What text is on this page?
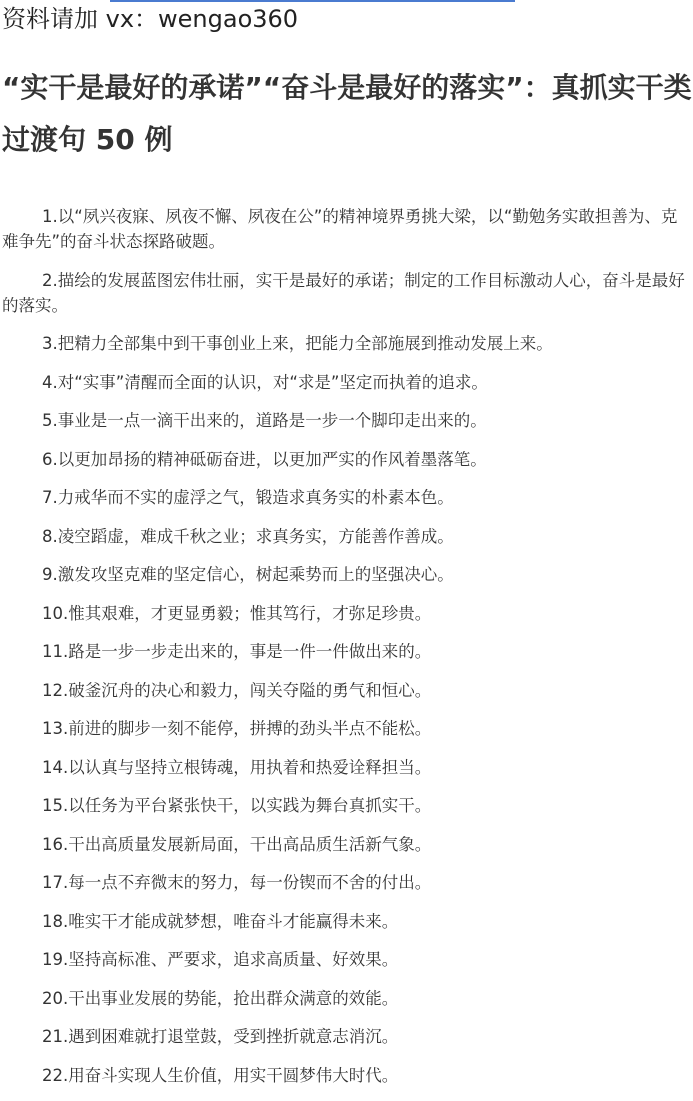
资料请加 vx：wengao360
“实干是最好的承诺”“奋斗是最好的落实”：真抓实干类过渡句 50 例
1.以“夙兴夜寐、夙夜不懈、夙夜在公”的精神境界勇挑大梁，以“勤勉务实敢担善为、克难争先”的奋斗状态探路破题。
2.描绘的发展蓝图宏伟壮丽，实干是最好的承诺；制定的工作目标激动人心，奋斗是最好的落实。
3.把精力全部集中到干事创业上来，把能力全部施展到推动发展上来。
4.对“实事”清醒而全面的认识，对“求是”坚定而执着的追求。
5.事业是一点一滴干出来的，道路是一步一个脚印走出来的。
6.以更加昂扬的精神砥砺奋进，以更加严实的作风着墨落笔。
7.力戒华而不实的虚浮之气，锻造求真务实的朴素本色。
8.凌空蹈虚，难成千秋之业；求真务实，方能善作善成。
9.激发攻坚克难的坚定信心，树起乘势而上的坚强决心。
10.惟其艰难，才更显勇毅；惟其笃行，才弥足珍贵。
11.路是一步一步走出来的，事是一件一件做出来的。
12.破釜沉舟的决心和毅力，闯关夺隘的勇气和恒心。
13.前进的脚步一刻不能停，拼搏的劲头半点不能松。
14.以认真与坚持立根铸魂，用执着和热爱诠释担当。
15.以任务为平台紧张快干，以实践为舞台真抓实干。
16.干出高质量发展新局面，干出高品质生活新气象。
17.每一点不弃微末的努力，每一份锲而不舍的付出。
18.唯实干才能成就梦想，唯奋斗才能赢得未来。
19.坚持高标准、严要求，追求高质量、好效果。
20.干出事业发展的势能，抢出群众满意的效能。
21.遇到困难就打退堂鼓，受到挫折就意志消沉。
22.用奋斗实现人生价值，用实干圆梦伟大时代。
